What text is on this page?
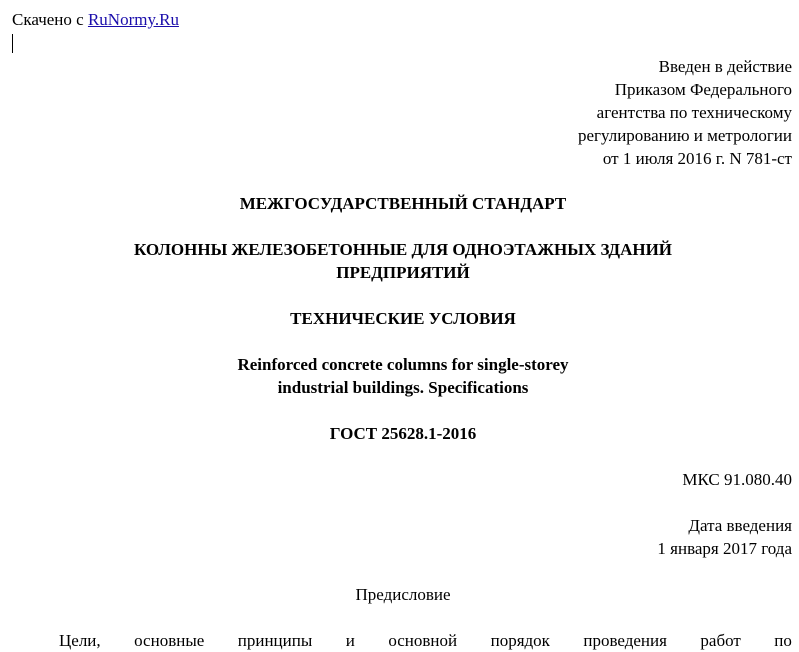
Скачено с RuNormy.Ru
Введен в действие
Приказом Федерального
агентства по техническому
регулированию и метрологии
от 1 июля 2016 г. N 781-ст
МЕЖГОСУДАРСТВЕННЫЙ СТАНДАРТ
КОЛОННЫ ЖЕЛЕЗОБЕТОННЫЕ ДЛЯ ОДНОЭТАЖНЫХ ЗДАНИЙ
ПРЕДПРИЯТИЙ
ТЕХНИЧЕСКИЕ УСЛОВИЯ
Reinforced concrete columns for single-storey
industrial buildings. Specifications
ГОСТ 25628.1-2016
МКС 91.080.40
Дата введения
1 января 2017 года
Предисловие
Цели, основные принципы и основной порядок проведения работ по
